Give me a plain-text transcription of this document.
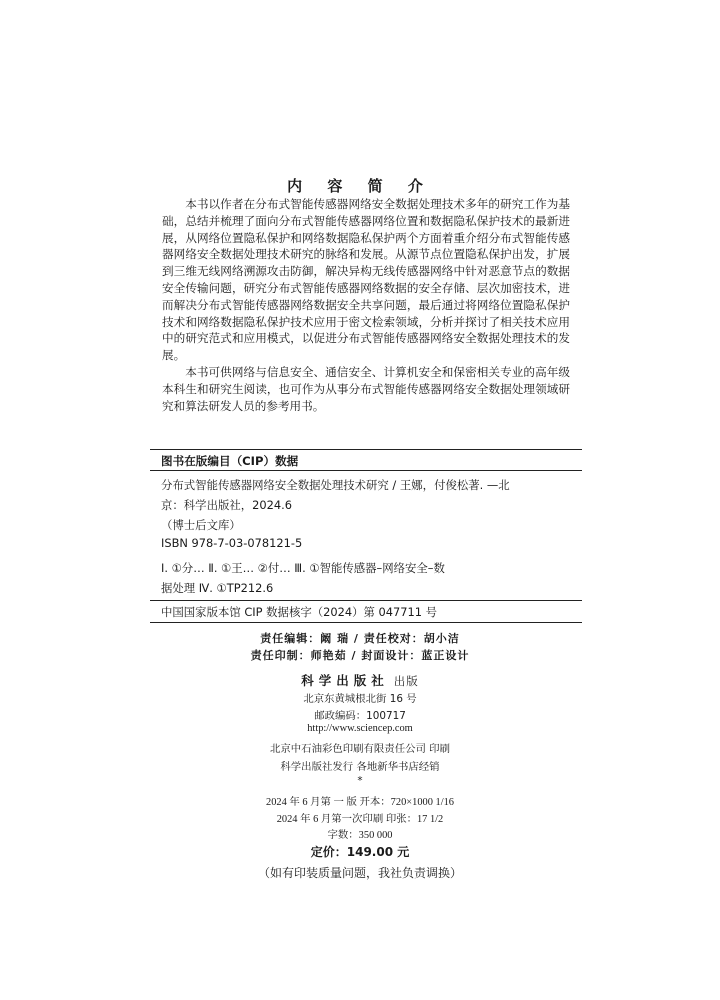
内 容 简 介

本书以作者在分布式智能传感器网络安全数据处理技术多年的研究工作为基础，总结并梳理了面向分布式智能传感器网络位置和数据隐私保护技术的最新进展，从网络位置隐私保护和网络数据隐私保护两个方面着重介绍分布式智能传感器网络安全数据处理技术研究的脉络和发展。从源节点位置隐私保护出发，扩展到三维无线网络溯源攻击防御，解决异构无线传感器网络中针对恶意节点的数据安全传输问题，研究分布式智能传感器网络数据的安全存储、层次加密技术，进而解决分布式智能传感器网络数据安全共享问题，最后通过将网络位置隐私保护技术和网络数据隐私保护技术应用于密文检索领域，分析并探讨了相关技术应用中的研究范式和应用模式，以促进分布式智能传感器网络安全数据处理技术的发展。

本书可供网络与信息安全、通信安全、计算机安全和保密相关专业的高年级本科生和研究生阅读，也可作为从事分布式智能传感器网络安全数据处理领域研究和算法研发人员的参考用书。

图书在版编目（CIP）数据
分布式智能传感器网络安全数据处理技术研究 / 王娜，付俊松著. —北
京：科学出版社，2024.6
（博士后文库）
ISBN 978-7-03-078121-5
Ⅰ. ①分… Ⅱ. ①王… ②付… Ⅲ. ①智能传感器–网络安全–数
据处理 Ⅳ. ①TP212.6
中国国家版本馆 CIP 数据核字（2024）第 047711 号
责任编辑：阚 瑞 / 责任校对：胡小洁
责任印制：师艳茹 / 封面设计：蓝正设计
科学出版社 出版
北京东黄城根北街 16 号
邮政编码：100717
http://www.sciencep.com
北京中石油彩色印刷有限责任公司 印刷
科学出版社发行 各地新华书店经销
*
2024 年 6 月第 一 版 开本：720×1000 1/16
2024 年 6 月第一次印刷 印张：17 1/2
字数：350 000
定价：149.00 元
（如有印装质量问题，我社负责调换）
